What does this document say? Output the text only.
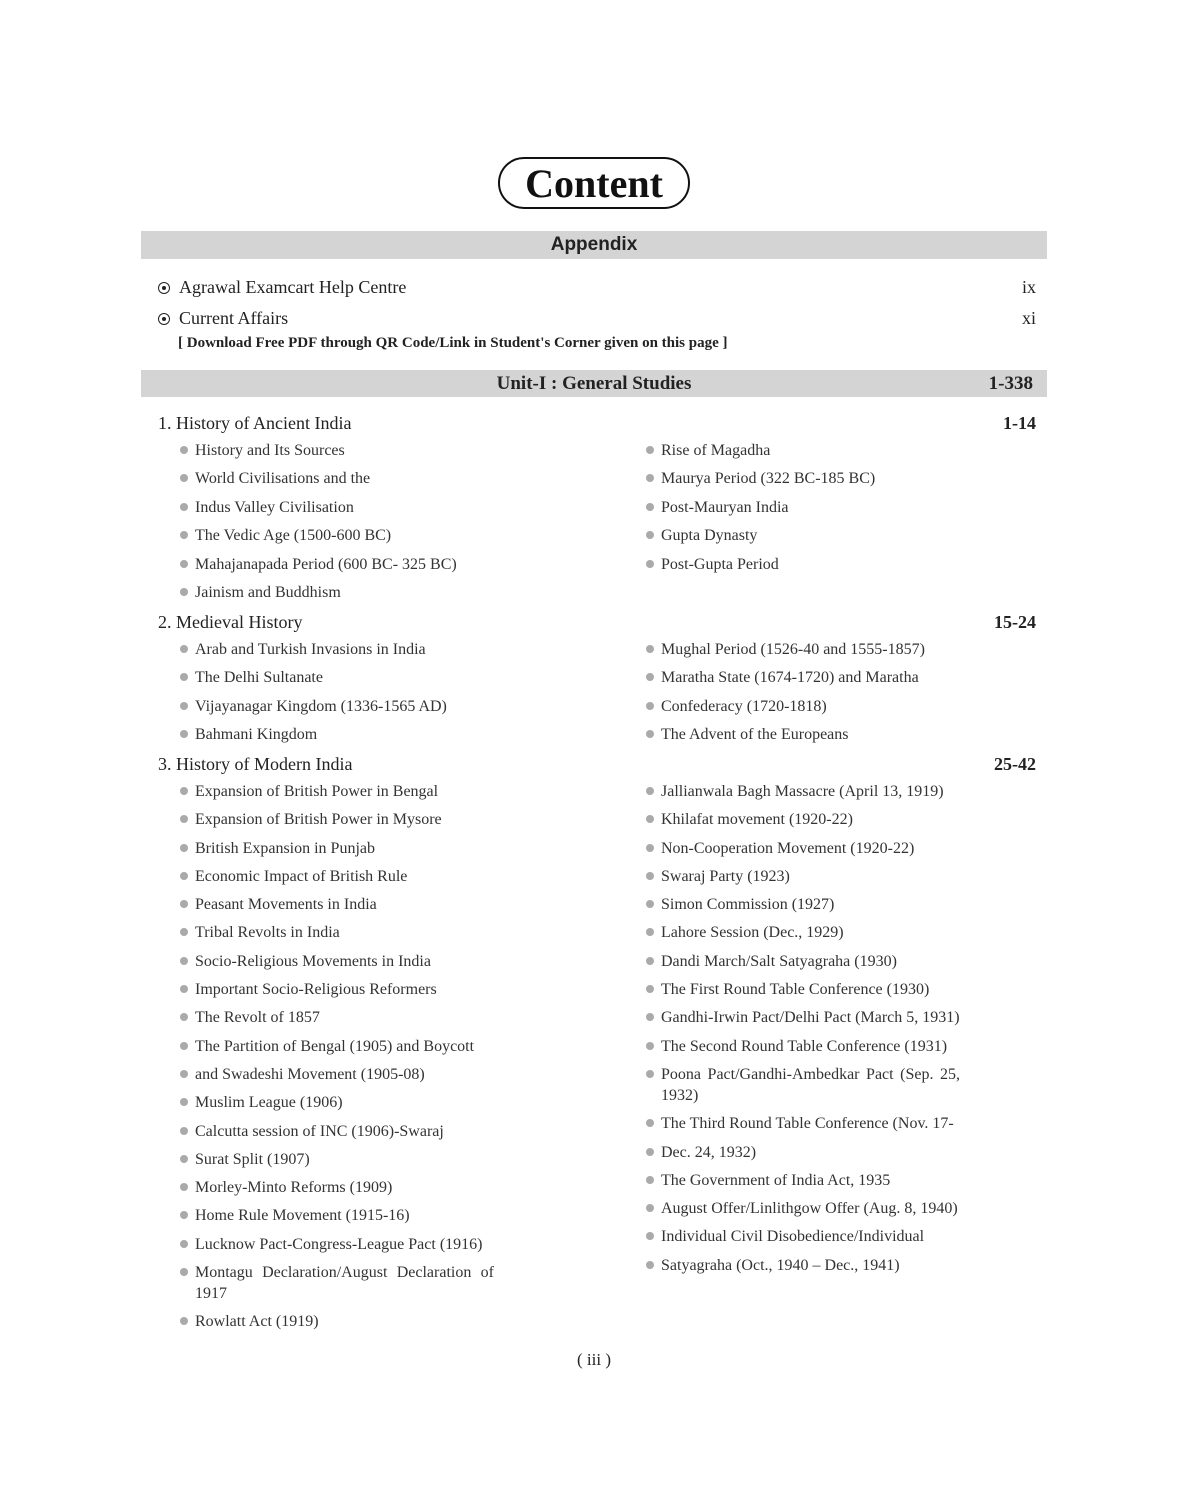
Content
Appendix
Agrawal Examcart Help Centre	ix
Current Affairs	xi
[ Download Free PDF through QR Code/Link in Student's Corner given on this page ]
Unit-I : General Studies	1-338
1. History of Ancient India	1-14
History and Its Sources
World Civilisations and the
Indus Valley Civilisation
The Vedic Age (1500-600 BC)
Mahajanapada Period (600 BC- 325 BC)
Jainism and Buddhism
Rise of Magadha
Maurya Period (322 BC-185 BC)
Post-Mauryan India
Gupta Dynasty
Post-Gupta Period
2. Medieval History	15-24
Arab and Turkish Invasions in India
The Delhi Sultanate
Vijayanagar Kingdom (1336-1565 AD)
Bahmani Kingdom
Mughal Period (1526-40 and 1555-1857)
Maratha State (1674-1720) and Maratha
Confederacy (1720-1818)
The Advent of the Europeans
3. History of Modern India	25-42
Expansion of British Power in Bengal
Expansion of British Power in Mysore
British Expansion in Punjab
Economic Impact of British Rule
Peasant Movements in India
Tribal Revolts in India
Socio-Religious Movements in India
Important Socio-Religious Reformers
The Revolt of 1857
The Partition of Bengal (1905) and Boycott
and Swadeshi Movement (1905-08)
Muslim League (1906)
Calcutta session of INC (1906)-Swaraj
Surat Split (1907)
Morley-Minto Reforms (1909)
Home Rule Movement (1915-16)
Lucknow Pact-Congress-League Pact (1916)
Montagu Declaration/August Declaration of 1917
Rowlatt Act (1919)
Jallianwala Bagh Massacre (April 13, 1919)
Khilafat movement (1920-22)
Non-Cooperation Movement (1920-22)
Swaraj Party (1923)
Simon Commission (1927)
Lahore Session (Dec., 1929)
Dandi March/Salt Satyagraha (1930)
The First Round Table Conference (1930)
Gandhi-Irwin Pact/Delhi Pact (March 5, 1931)
The Second Round Table Conference (1931)
Poona Pact/Gandhi-Ambedkar Pact (Sep. 25, 1932)
The Third Round Table Conference (Nov. 17-
Dec. 24, 1932)
The Government of India Act, 1935
August Offer/Linlithgow Offer (Aug. 8, 1940)
Individual Civil Disobedience/Individual
Satyagraha (Oct., 1940 – Dec., 1941)
( iii )
